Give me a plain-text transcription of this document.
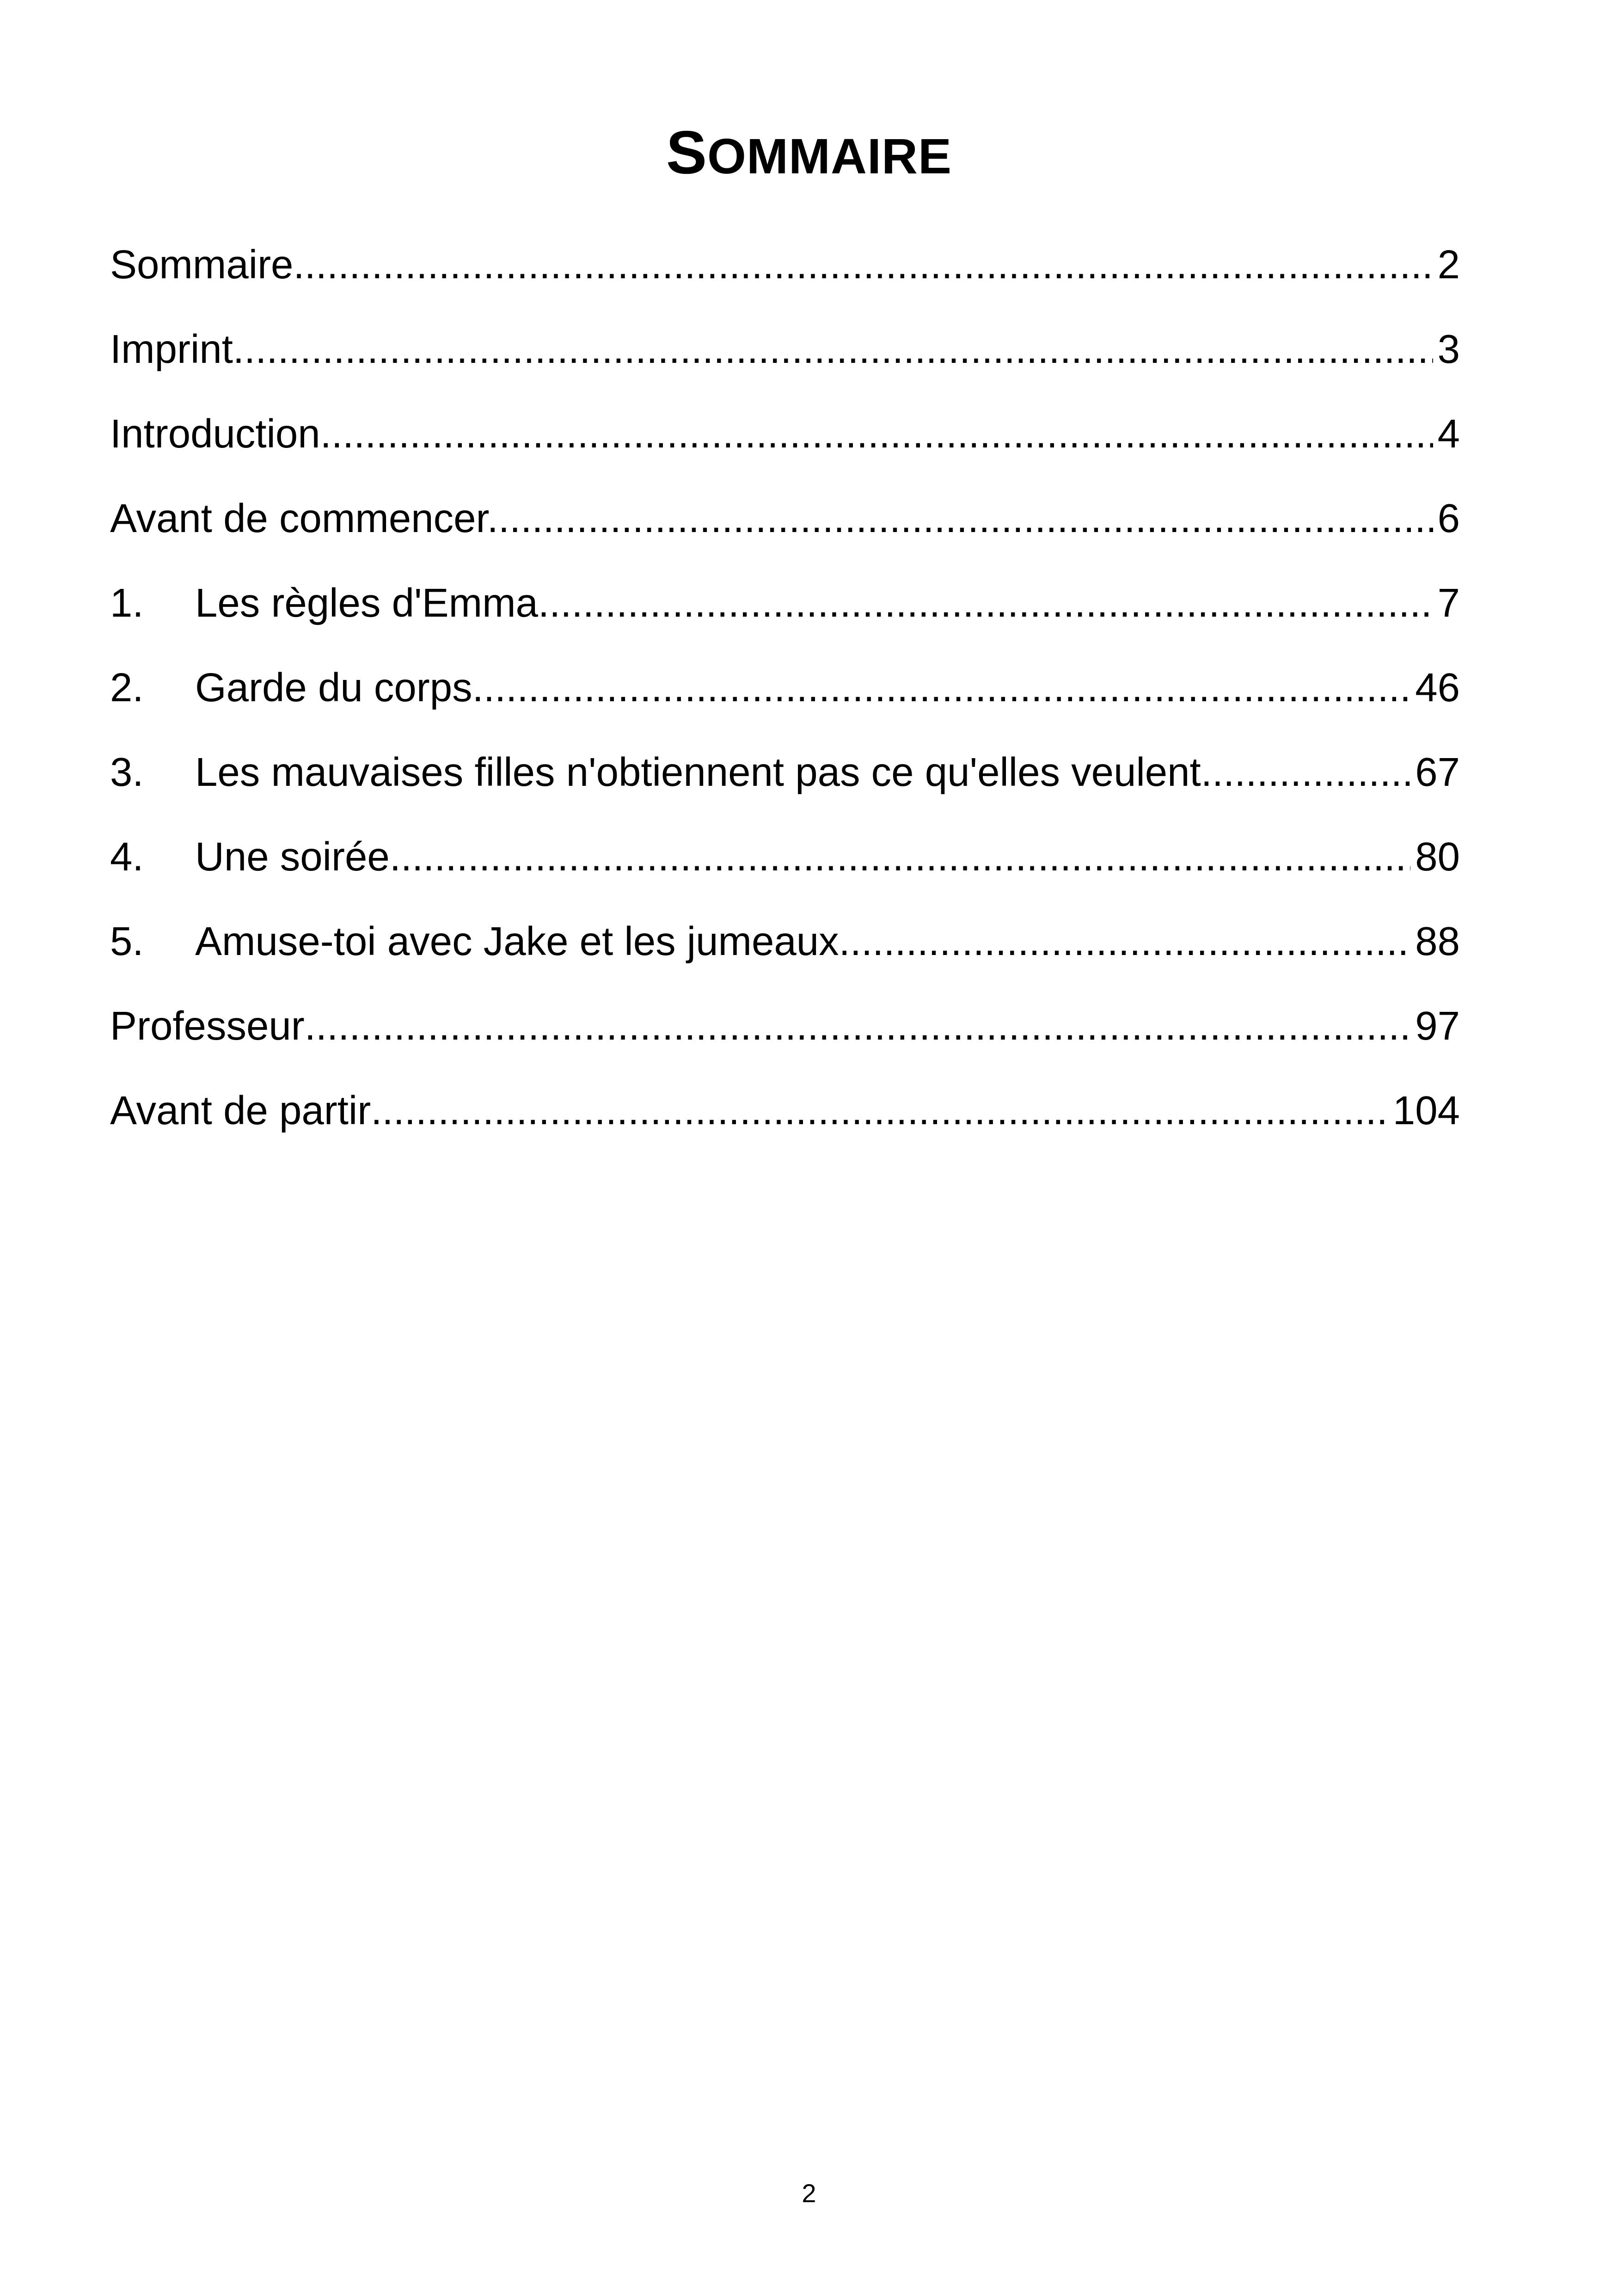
SOMMAIRE
Sommaire .....	2
Imprint .....	3
Introduction .....	4
Avant de commencer... .....	6
1.	Les règles d'Emma .....	7
2.	Garde du corps .....	46
3.	Les mauvaises filles n'obtiennent pas ce qu'elles veulent .....	67
4.	Une soirée .....	80
5.	Amuse-toi avec Jake et les jumeaux .....	88
Professeur .....	97
Avant de partir .....	104
2
